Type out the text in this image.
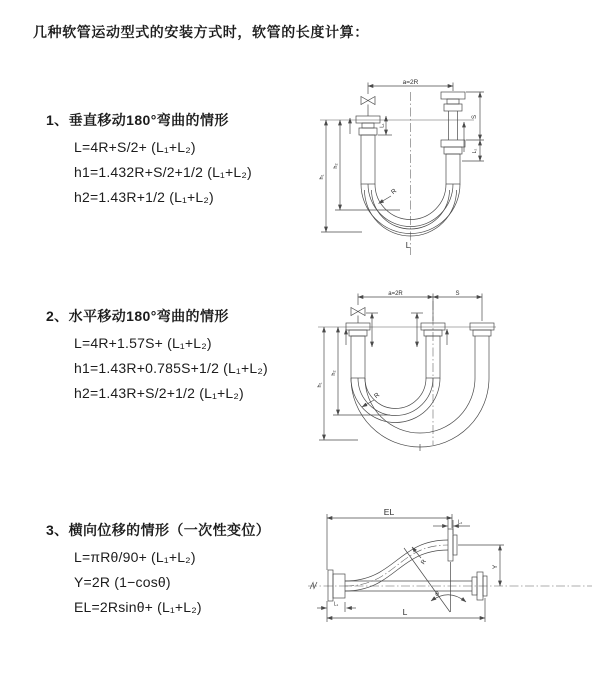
几种软管运动型式的安装方式时，软管的长度计算：
1、垂直移动180°弯曲的情形
L=4R+S/2+ (L₁+L₂)
h1=1.432R+S/2+1/2 (L₁+L₂)
h2=1.43R+1/2 (L₁+L₂)
2、水平移动180°弯曲的情形
L=4R+1.57S+ (L₁+L₂)
h1=1.43R+0.785S+1/2 (L₁+L₂)
h2=1.43R+S/2+1/2 (L₁+L₂)
3、横向位移的情形（一次性变位）
L=πRθ/90+ (L₁+L₂)
Y=2R (1−cosθ)
EL=2Rsinθ+ (L₁+L₂)
a=2R
h₁
h₂
L₁
S
L₂
R
L
a=2R	S
h₁
h₂
R
EL
L₂
Y
R
θ
L
L₁
